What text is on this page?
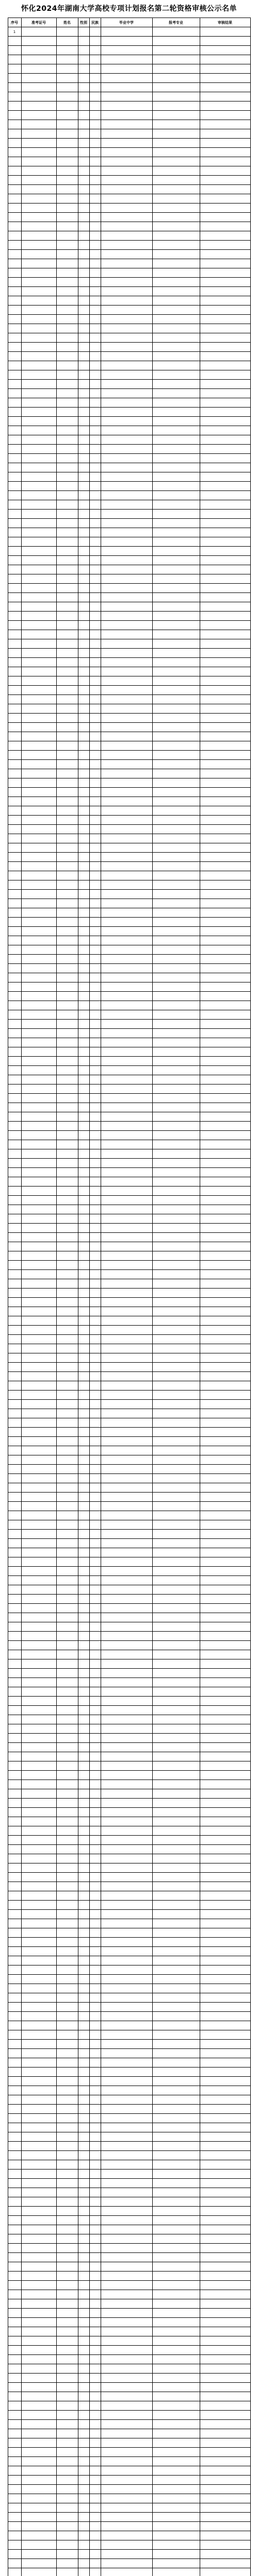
怀化2024年湖南大学高校专项计划报名第二轮资格审核公示名单
序号	准考证号	姓名	性别	民族	毕业中学	报考专业	审核结果
1							
